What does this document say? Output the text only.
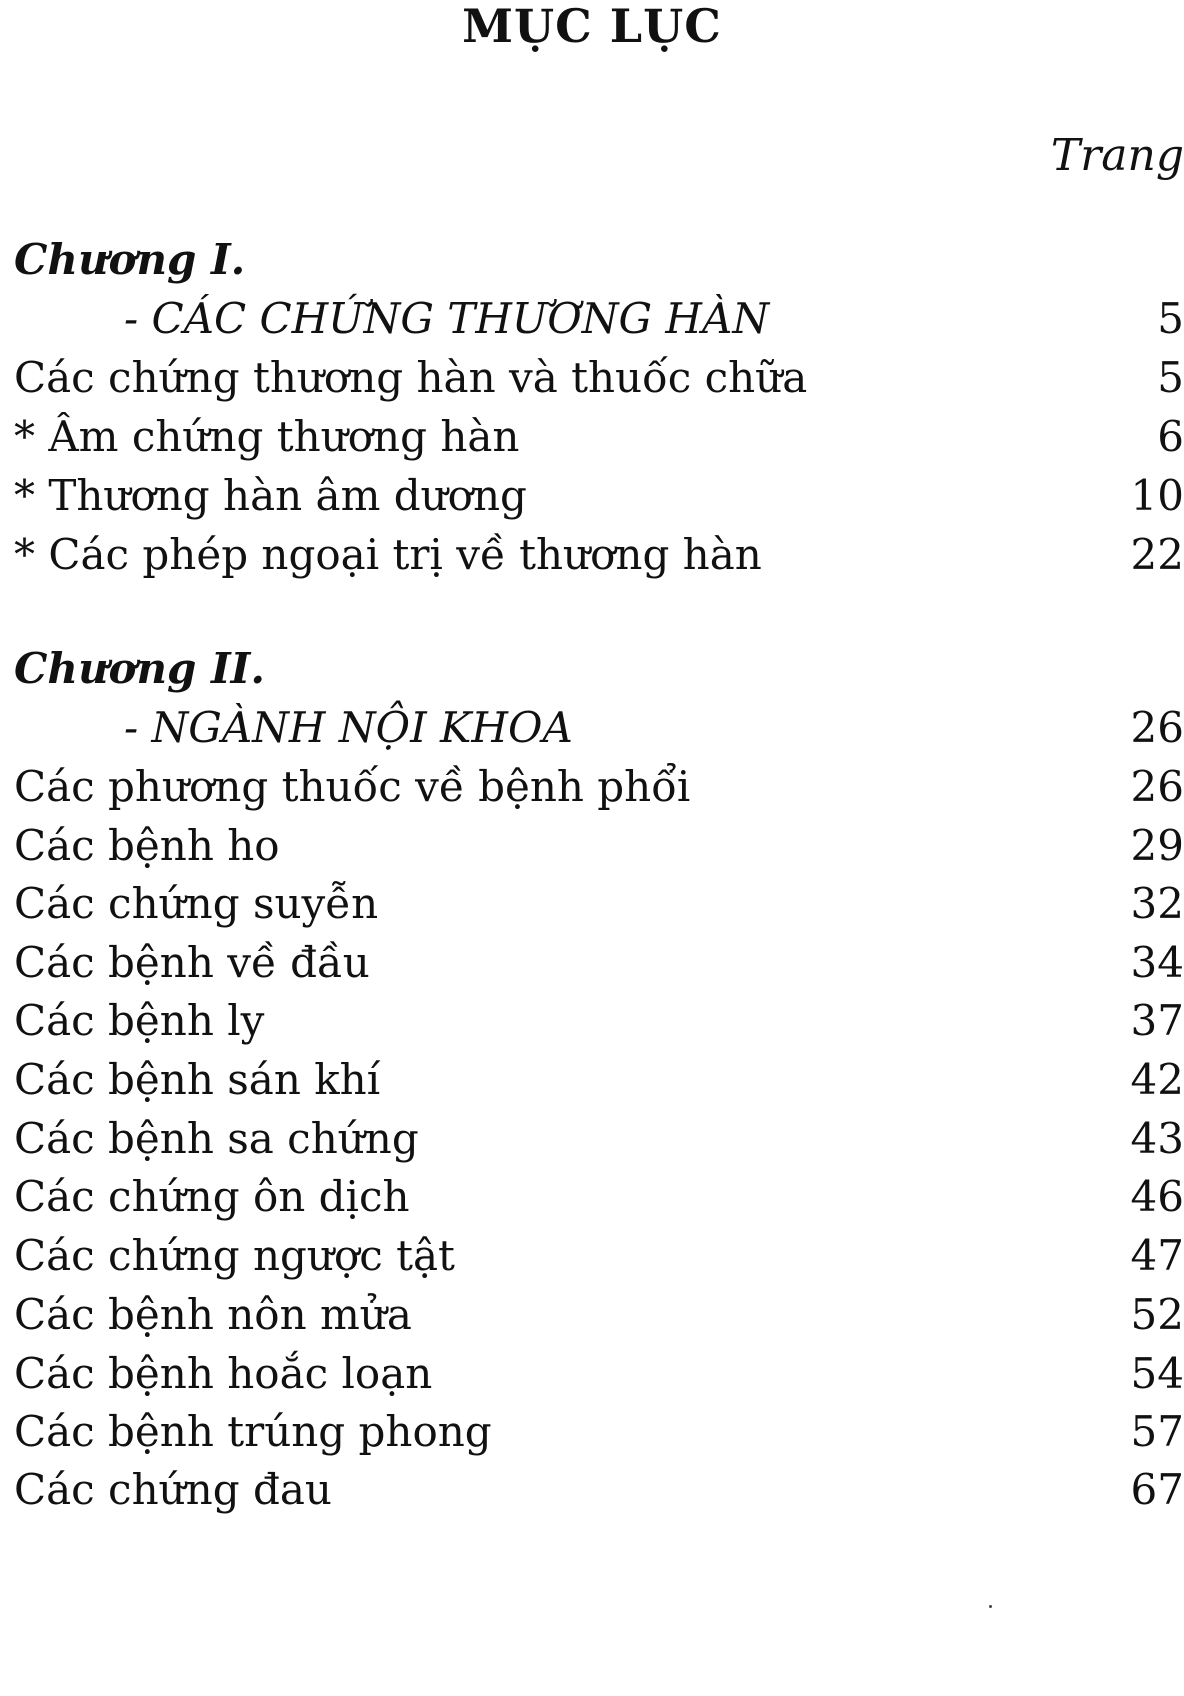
MỤC LỤC
Trang
Chương I.
- CÁC CHỨNG THƯƠNG HÀN	5
Các chứng thương hàn và thuốc chữa	5
* Âm chứng thương hàn	6
* Thương hàn âm dương	10
* Các phép ngoại trị về thương hàn	22
Chương II.
- NGÀNH NỘI KHOA	26
Các phương thuốc về bệnh phổi	26
Các bệnh ho	29
Các chứng suyễn	32
Các bệnh về đầu	34
Các bệnh ly	37
Các bệnh sán khí	42
Các bệnh sa chứng	43
Các chứng ôn dịch	46
Các chứng ngược tật	47
Các bệnh nôn mửa	52
Các bệnh hoắc loạn	54
Các bệnh trúng phong	57
Các chứng đau	67
